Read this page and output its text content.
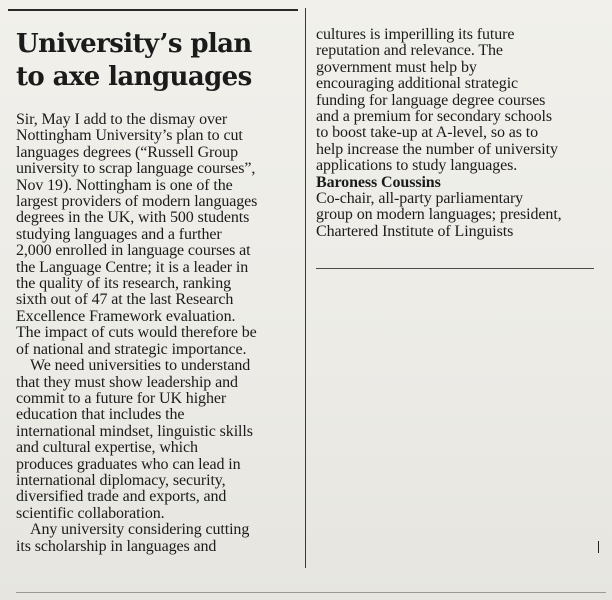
University’s plan
to axe languages
Sir, May I add to the dismay over
Nottingham University’s plan to cut
languages degrees (“Russell Group
university to scrap language courses”,
Nov 19). Nottingham is one of the
largest providers of modern languages
degrees in the UK, with 500 students
studying languages and a further
2,000 enrolled in language courses at
the Language Centre; it is a leader in
the quality of its research, ranking
sixth out of 47 at the last Research
Excellence Framework evaluation.
The impact of cuts would therefore be
of national and strategic importance.
We need universities to understand
that they must show leadership and
commit to a future for UK higher
education that includes the
international mindset, linguistic skills
and cultural expertise, which
produces graduates who can lead in
international diplomacy, security,
diversified trade and exports, and
scientific collaboration.
Any university considering cutting
its scholarship in languages and
cultures is imperilling its future
reputation and relevance. The
government must help by
encouraging additional strategic
funding for language degree courses
and a premium for secondary schools
to boost take-up at A-level, so as to
help increase the number of university
applications to study languages.
Baroness Coussins
Co-chair, all-party parliamentary
group on modern languages; president,
Chartered Institute of Linguists
